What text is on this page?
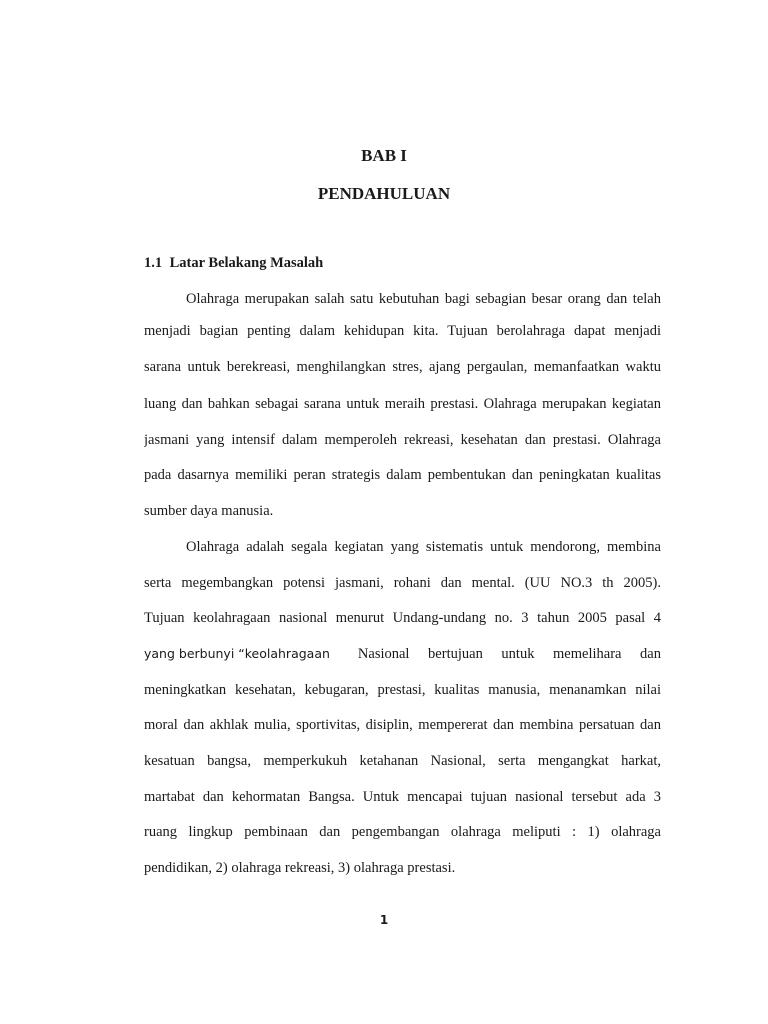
BAB I
PENDAHULUAN
1.1 Latar Belakang Masalah
Olahraga merupakan salah satu kebutuhan bagi sebagian besar orang dan telah
menjadi bagian penting dalam kehidupan kita. Tujuan berolahraga dapat menjadi
sarana untuk berekreasi, menghilangkan stres, ajang pergaulan, memanfaatkan waktu
luang dan bahkan sebagai sarana untuk meraih prestasi. Olahraga merupakan kegiatan
jasmani yang intensif dalam memperoleh rekreasi, kesehatan dan prestasi. Olahraga
pada dasarnya memiliki peran strategis dalam pembentukan dan peningkatan kualitas
sumber daya manusia.
Olahraga adalah segala kegiatan yang sistematis untuk mendorong, membina
serta megembangkan potensi jasmani, rohani dan mental. (UU NO.3 th 2005).
Tujuan keolahragaan nasional menurut Undang-undang no. 3 tahun 2005 pasal 4
yang berbunyi “keolahragaan Nasional bertujuan untuk memelihara dan
meningkatkan kesehatan, kebugaran, prestasi, kualitas manusia, menanamkan nilai
moral dan akhlak mulia, sportivitas, disiplin, mempererat dan membina persatuan dan
kesatuan bangsa, memperkukuh ketahanan Nasional, serta mengangkat harkat,
martabat dan kehormatan Bangsa. Untuk mencapai tujuan nasional tersebut ada 3
ruang lingkup pembinaan dan pengembangan olahraga meliputi : 1) olahraga
pendidikan, 2) olahraga rekreasi, 3) olahraga prestasi.
1
